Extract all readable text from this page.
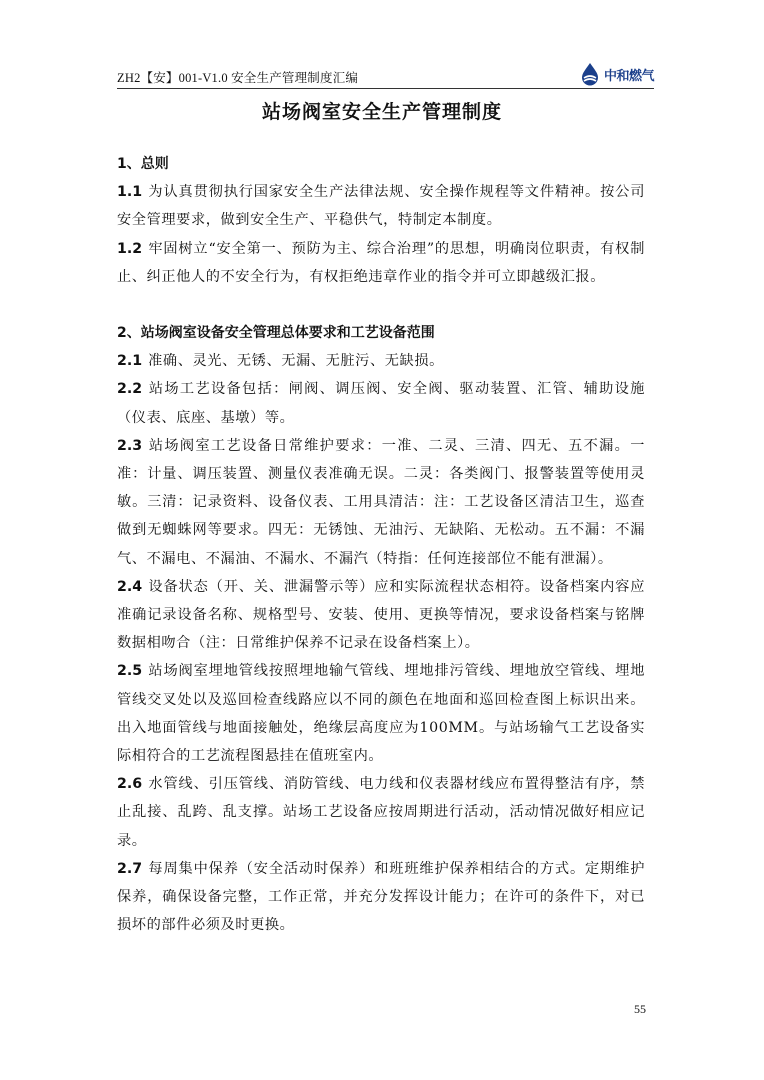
ZH2【安】001-V1.0 安全生产管理制度汇编	中和燃气
站场阀室安全生产管理制度

1、总则

1.1 为认真贯彻执行国家安全生产法律法规、安全操作规程等文件精神。按公司安全管理要求，做到安全生产、平稳供气，特制定本制度。

1.2 牢固树立“安全第一、预防为主、综合治理”的思想，明确岗位职责，有权制止、纠正他人的不安全行为，有权拒绝违章作业的指令并可立即越级汇报。

2、站场阀室设备安全管理总体要求和工艺设备范围

2.1 准确、灵光、无锈、无漏、无脏污、无缺损。

2.2 站场工艺设备包括：闸阀、调压阀、安全阀、驱动装置、汇管、辅助设施（仪表、底座、基墩）等。

2.3 站场阀室工艺设备日常维护要求：一准、二灵、三清、四无、五不漏。一准：计量、调压装置、测量仪表准确无误。二灵：各类阀门、报警装置等使用灵敏。三清：记录资料、设备仪表、工用具清洁：注：工艺设备区清洁卫生，巡查做到无蜘蛛网等要求。四无：无锈蚀、无油污、无缺陷、无松动。五不漏：不漏气、不漏电、不漏油、不漏水、不漏汽（特指：任何连接部位不能有泄漏）。

2.4 设备状态（开、关、泄漏警示等）应和实际流程状态相符。设备档案内容应准确记录设备名称、规格型号、安装、使用、更换等情况，要求设备档案与铭牌数据相吻合（注：日常维护保养不记录在设备档案上）。

2.5 站场阀室埋地管线按照埋地输气管线、埋地排污管线、埋地放空管线、埋地管线交叉处以及巡回检查线路应以不同的颜色在地面和巡回检查图上标识出来。出入地面管线与地面接触处，绝缘层高度应为100MM。与站场输气工艺设备实际相符合的工艺流程图悬挂在值班室内。

2.6 水管线、引压管线、消防管线、电力线和仪表器材线应布置得整洁有序，禁止乱接、乱跨、乱支撑。站场工艺设备应按周期进行活动，活动情况做好相应记录。

2.7 每周集中保养（安全活动时保养）和班班维护保养相结合的方式。定期维护保养，确保设备完整，工作正常，并充分发挥设计能力；在许可的条件下，对已损坏的部件必须及时更换。

55
